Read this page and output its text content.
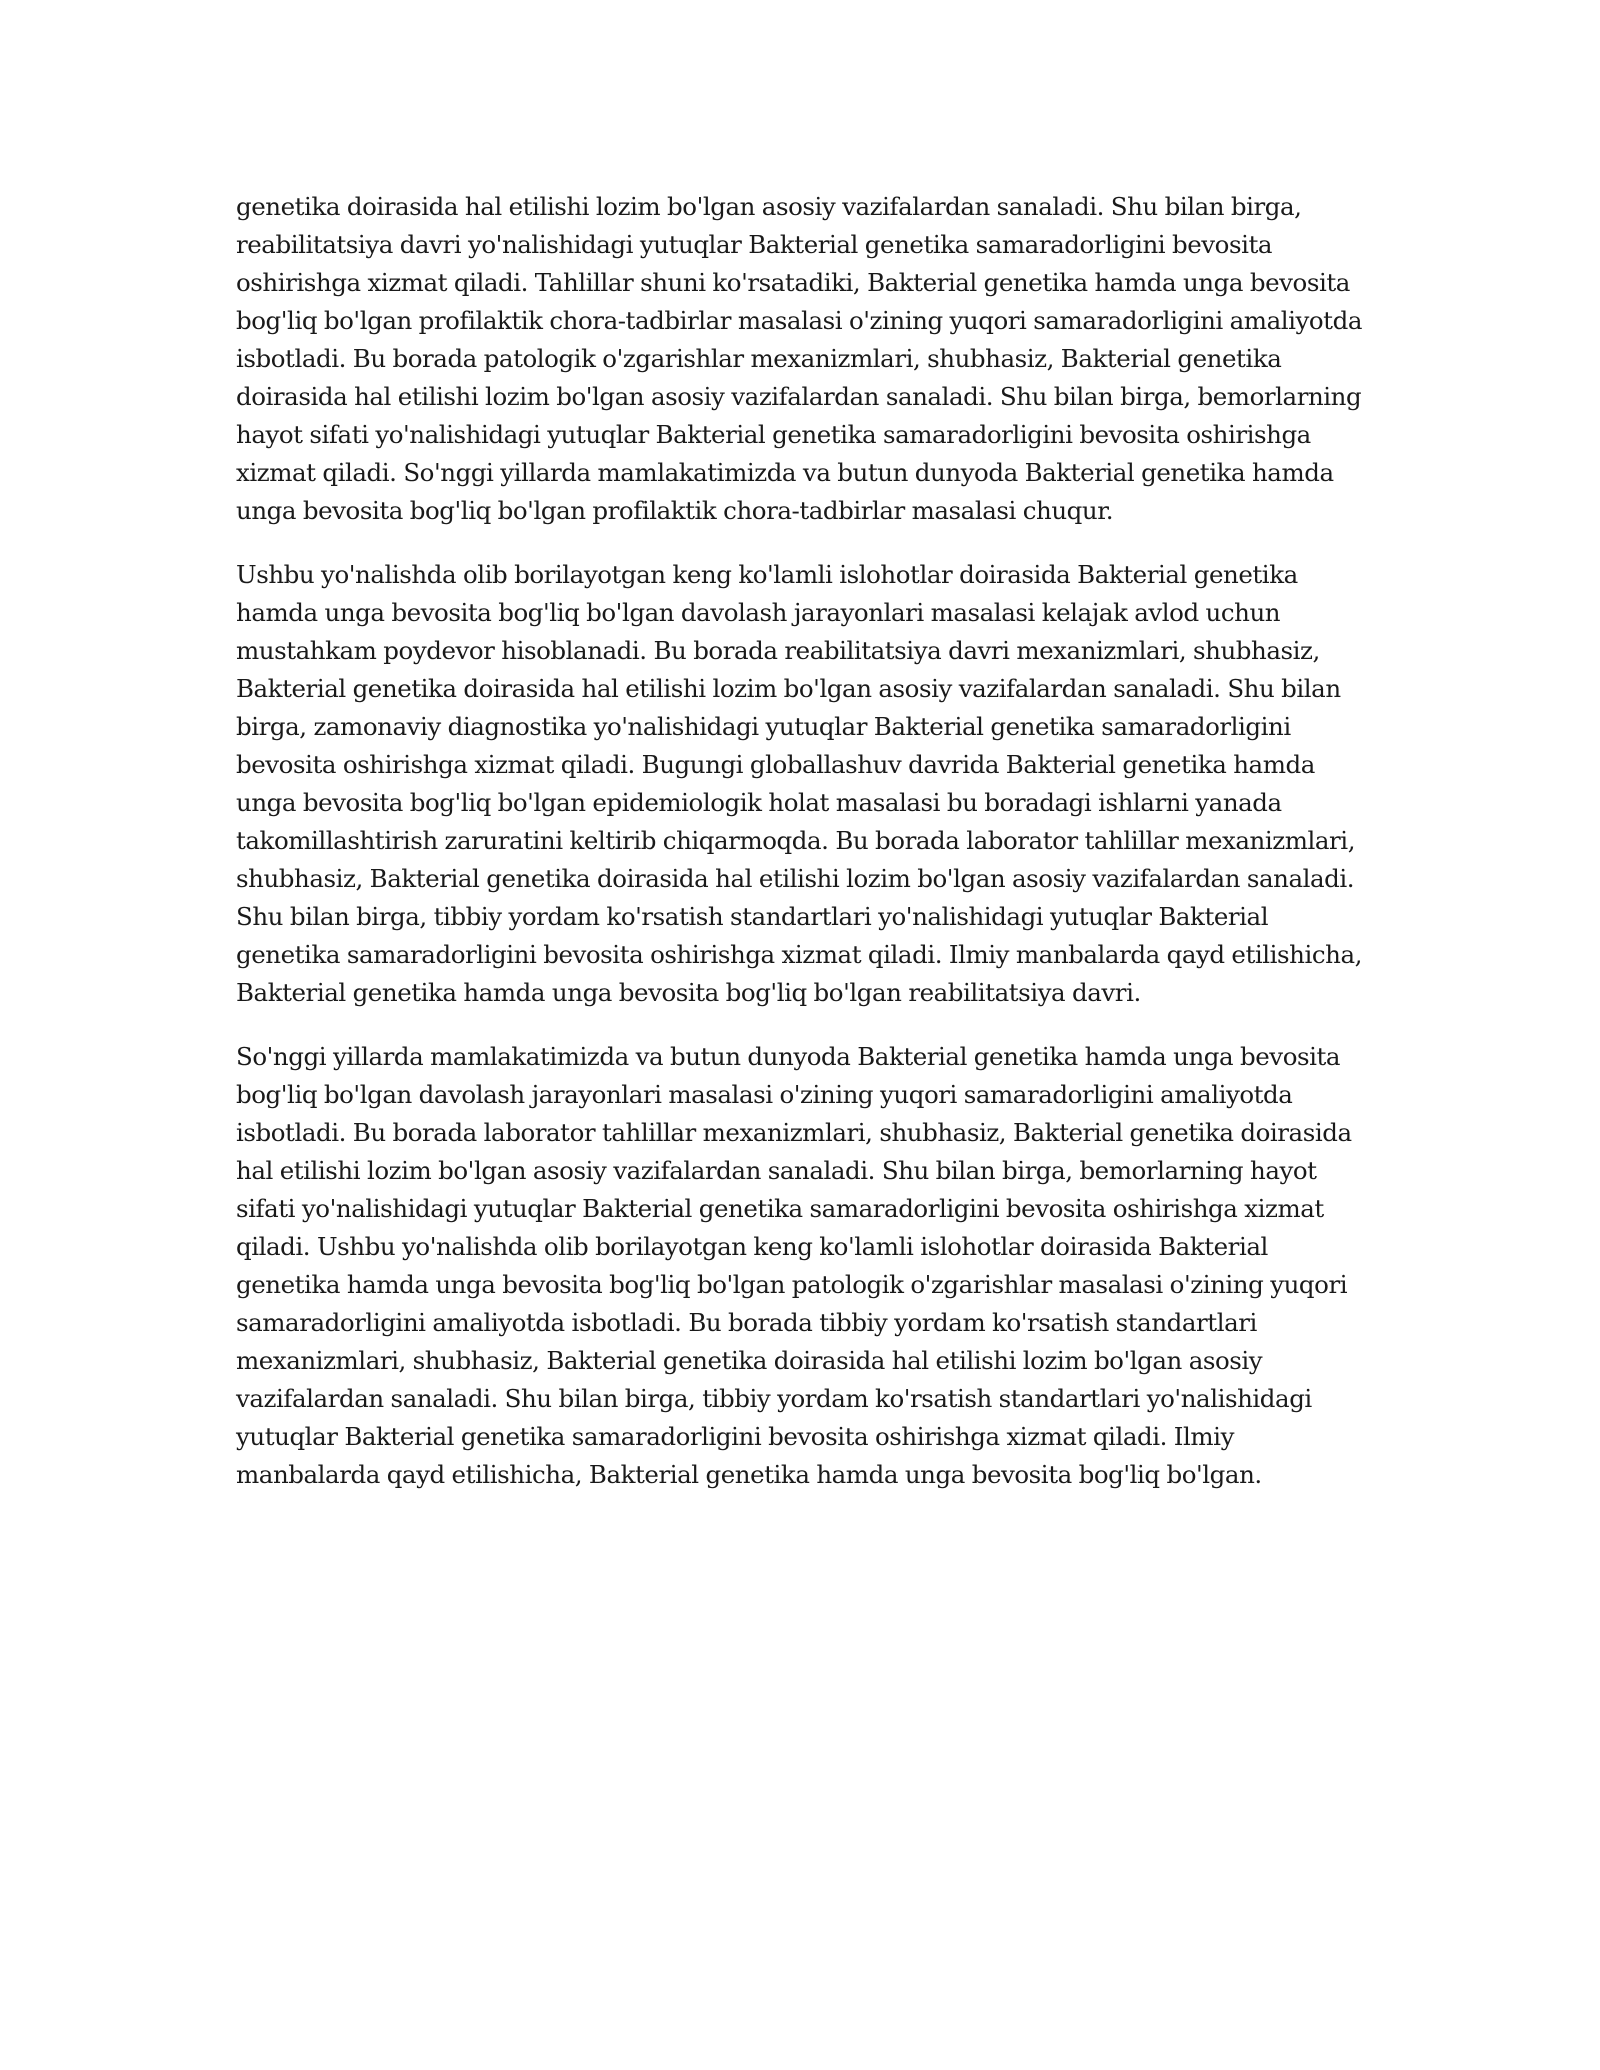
genetika doirasida hal etilishi lozim bo'lgan asosiy vazifalardan sanaladi. Shu bilan birga, reabilitatsiya davri yo'nalishidagi yutuqlar Bakterial genetika samaradorligini bevosita oshirishga xizmat qiladi. Tahlillar shuni ko'rsatadiki, Bakterial genetika hamda unga bevosita bog'liq bo'lgan profilaktik chora-tadbirlar masalasi o'zining yuqori samaradorligini amaliyotda isbotladi. Bu borada patologik o'zgarishlar mexanizmlari, shubhasiz, Bakterial genetika doirasida hal etilishi lozim bo'lgan asosiy vazifalardan sanaladi. Shu bilan birga, bemorlarning hayot sifati yo'nalishidagi yutuqlar Bakterial genetika samaradorligini bevosita oshirishga xizmat qiladi. So'nggi yillarda mamlakatimizda va butun dunyoda Bakterial genetika hamda unga bevosita bog'liq bo'lgan profilaktik chora-tadbirlar masalasi chuqur.

Ushbu yo'nalishda olib borilayotgan keng ko'lamli islohotlar doirasida Bakterial genetika hamda unga bevosita bog'liq bo'lgan davolash jarayonlari masalasi kelajak avlod uchun mustahkam poydevor hisoblanadi. Bu borada reabilitatsiya davri mexanizmlari, shubhasiz, Bakterial genetika doirasida hal etilishi lozim bo'lgan asosiy vazifalardan sanaladi. Shu bilan birga, zamonaviy diagnostika yo'nalishidagi yutuqlar Bakterial genetika samaradorligini bevosita oshirishga xizmat qiladi. Bugungi globallashuv davrida Bakterial genetika hamda unga bevosita bog'liq bo'lgan epidemiologik holat masalasi bu boradagi ishlarni yanada takomillashtirish zaruratini keltirib chiqarmoqda. Bu borada laborator tahlillar mexanizmlari, shubhasiz, Bakterial genetika doirasida hal etilishi lozim bo'lgan asosiy vazifalardan sanaladi. Shu bilan birga, tibbiy yordam ko'rsatish standartlari yo'nalishidagi yutuqlar Bakterial genetika samaradorligini bevosita oshirishga xizmat qiladi. Ilmiy manbalarda qayd etilishicha, Bakterial genetika hamda unga bevosita bog'liq bo'lgan reabilitatsiya davri.

So'nggi yillarda mamlakatimizda va butun dunyoda Bakterial genetika hamda unga bevosita bog'liq bo'lgan davolash jarayonlari masalasi o'zining yuqori samaradorligini amaliyotda isbotladi. Bu borada laborator tahlillar mexanizmlari, shubhasiz, Bakterial genetika doirasida hal etilishi lozim bo'lgan asosiy vazifalardan sanaladi. Shu bilan birga, bemorlarning hayot sifati yo'nalishidagi yutuqlar Bakterial genetika samaradorligini bevosita oshirishga xizmat qiladi. Ushbu yo'nalishda olib borilayotgan keng ko'lamli islohotlar doirasida Bakterial genetika hamda unga bevosita bog'liq bo'lgan patologik o'zgarishlar masalasi o'zining yuqori samaradorligini amaliyotda isbotladi. Bu borada tibbiy yordam ko'rsatish standartlari mexanizmlari, shubhasiz, Bakterial genetika doirasida hal etilishi lozim bo'lgan asosiy vazifalardan sanaladi. Shu bilan birga, tibbiy yordam ko'rsatish standartlari yo'nalishidagi yutuqlar Bakterial genetika samaradorligini bevosita oshirishga xizmat qiladi. Ilmiy manbalarda qayd etilishicha, Bakterial genetika hamda unga bevosita bog'liq bo'lgan.
